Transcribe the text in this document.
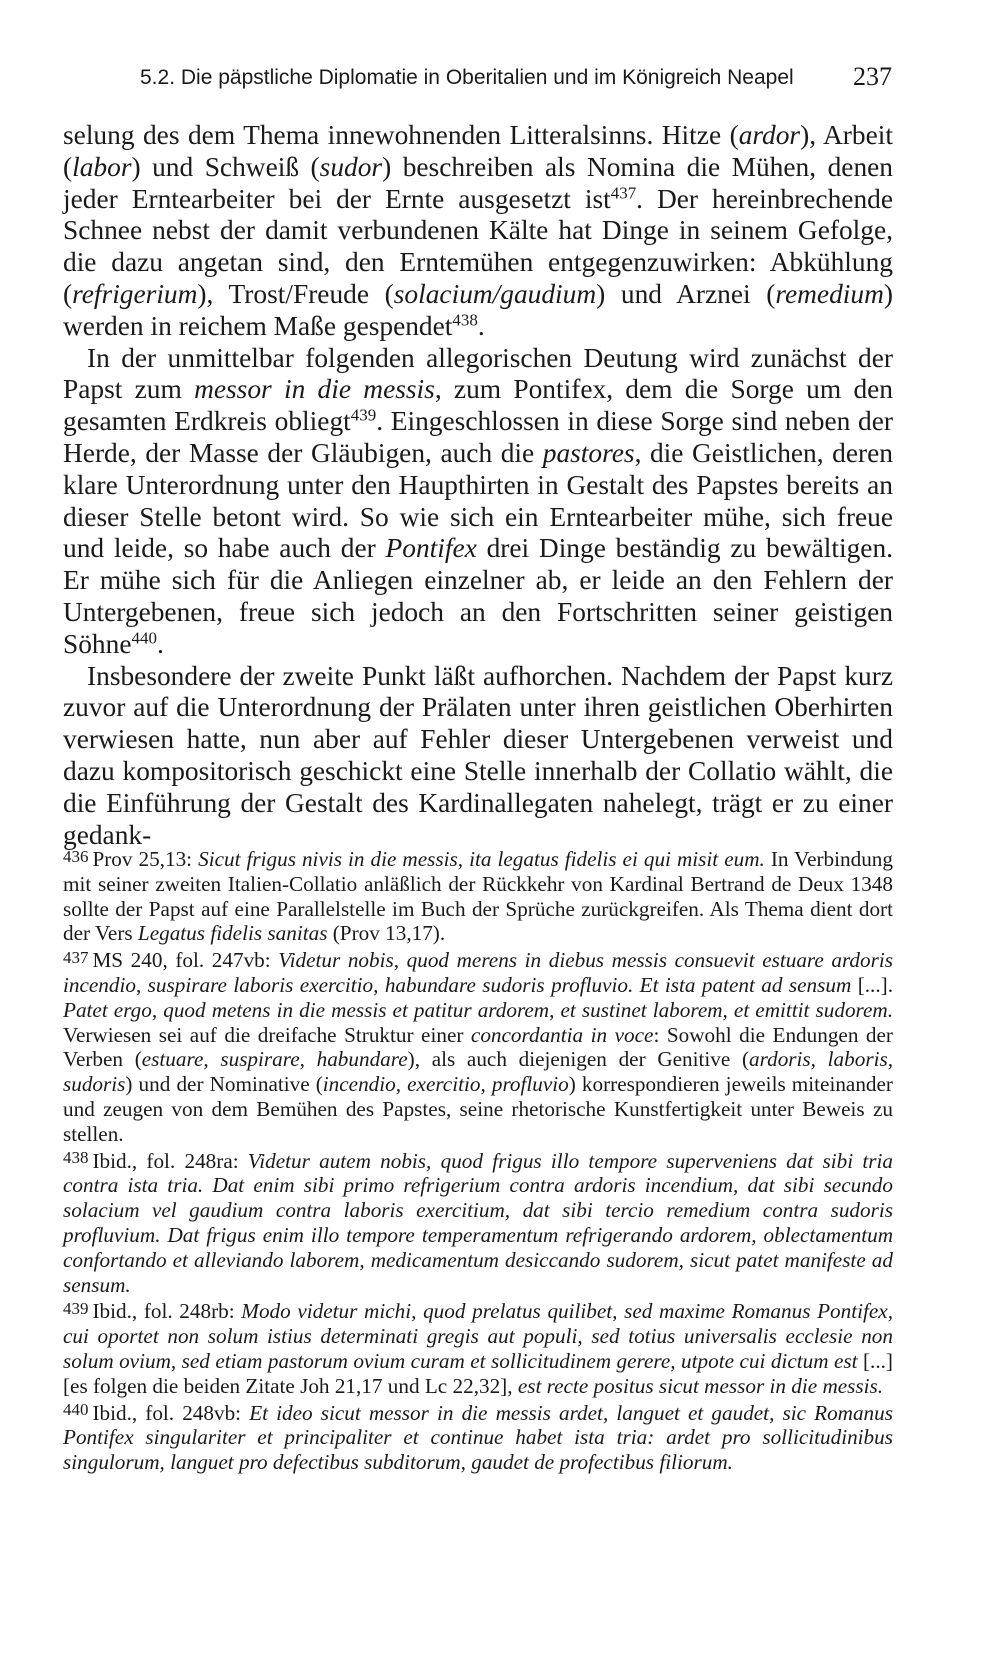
5.2. Die päpstliche Diplomatie in Oberitalien und im Königreich Neapel 237

selung des dem Thema innewohnenden Litteralsinns. Hitze (ardor), Arbeit (labor) und Schweiß (sudor) beschreiben als Nomina die Mühen, denen jeder Erntearbeiter bei der Ernte ausgesetzt ist$^{437}$. Der hereinbrechende Schnee nebst der damit verbundenen Kälte hat Dinge in seinem Gefolge, die dazu angetan sind, den Erntemühen entgegenzuwirken: Abkühlung (refrigerium), Trost/Freude (solacium/gaudium) und Arznei (remedium) werden in reichem Maße gespendet$^{438}$.

In der unmittelbar folgenden allegorischen Deutung wird zunächst der Papst zum messor in die messis, zum Pontifex, dem die Sorge um den gesamten Erdkreis obliegt$^{439}$. Eingeschlossen in diese Sorge sind neben der Herde, der Masse der Gläubigen, auch die pastores, die Geistlichen, deren klare Unterordnung unter den Haupthirten in Gestalt des Papstes bereits an dieser Stelle betont wird. So wie sich ein Erntearbeiter mühe, sich freue und leide, so habe auch der Pontifex drei Dinge beständig zu bewältigen. Er mühe sich für die Anliegen einzelner ab, er leide an den Fehlern der Untergebenen, freue sich jedoch an den Fortschritten seiner geistigen Söhne$^{440}$.

Insbesondere der zweite Punkt läßt aufhorchen. Nachdem der Papst kurz zuvor auf die Unterordnung der Prälaten unter ihren geistlichen Oberhirten verwiesen hatte, nun aber auf Fehler dieser Untergebenen verweist und dazu kompositorisch geschickt eine Stelle innerhalb der Collatio wählt, die die Einführung der Gestalt des Kardinallegaten nahelegt, trägt er zu einer gedank-

$^{436}$ Prov 25,13: Sicut frigus nivis in die messis, ita legatus fidelis ei qui misit eum. In Verbindung mit seiner zweiten Italien-Collatio anläßlich der Rückkehr von Kardinal Bertrand de Deux 1348 sollte der Papst auf eine Parallelstelle im Buch der Sprüche zurückgreifen. Als Thema dient dort der Vers Legatus fidelis sanitas (Prov 13,17).

$^{437}$ MS 240, fol. 247vb: Videtur nobis, quod merens in diebus messis consuevit estuare ardoris incendio, suspirare laboris exercitio, habundare sudoris profluvio. Et ista patent ad sensum [...]. Patet ergo, quod metens in die messis et patitur ardorem, et sustinet laborem, et emittit sudorem. Verwiesen sei auf die dreifache Struktur einer concordantia in voce: Sowohl die Endungen der Verben (estuare, suspirare, habundare), als auch diejenigen der Genitive (ardoris, laboris, sudoris) und der Nominative (incendio, exercitio, profluvio) korrespondieren jeweils miteinander und zeugen von dem Bemühen des Papstes, seine rhetorische Kunstfertigkeit unter Beweis zu stellen.

$^{438}$ Ibid., fol. 248ra: Videtur autem nobis, quod frigus illo tempore superveniens dat sibi tria contra ista tria. Dat enim sibi primo refrigerium contra ardoris incendium, dat sibi secundo solacium vel gaudium contra laboris exercitium, dat sibi tercio remedium contra sudoris profluvium. Dat frigus enim illo tempore temperamentum refrigerando ardorem, oblectamentum confortando et alleviando laborem, medicamentum desiccando sudorem, sicut patet manifeste ad sensum.

$^{439}$ Ibid., fol. 248rb: Modo videtur michi, quod prelatus quilibet, sed maxime Romanus Pontifex, cui oportet non solum istius determinati gregis aut populi, sed totius universalis ecclesie non solum ovium, sed etiam pastorum ovium curam et sollicitudinem gerere, utpote cui dictum est [...] [es folgen die beiden Zitate Joh 21,17 und Lc 22,32], est recte positus sicut messor in die messis.

$^{440}$ Ibid., fol. 248vb: Et ideo sicut messor in die messis ardet, languet et gaudet, sic Romanus Pontifex singulariter et principaliter et continue habet ista tria: ardet pro sollicitudinibus singulorum, languet pro defectibus subditorum, gaudet de profectibus filiorum.
